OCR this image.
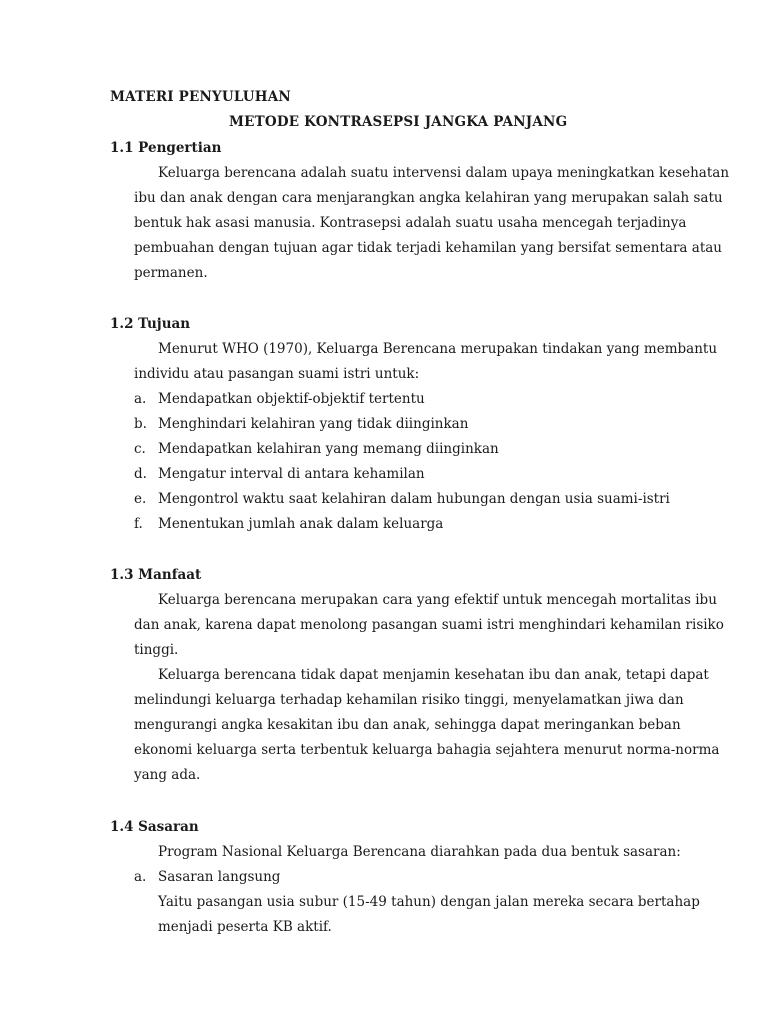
MATERI PENYULUHAN
METODE KONTRASEPSI JANGKA PANJANG
1.1 Pengertian
Keluarga berencana adalah suatu intervensi dalam upaya meningkatkan kesehatan
ibu dan anak dengan cara menjarangkan angka kelahiran yang merupakan salah satu
bentuk hak asasi manusia. Kontrasepsi adalah suatu usaha mencegah terjadinya
pembuahan dengan tujuan agar tidak terjadi kehamilan yang bersifat sementara atau
permanen.
1.2 Tujuan
Menurut WHO (1970), Keluarga Berencana merupakan tindakan yang membantu
individu atau pasangan suami istri untuk:
a. Mendapatkan objektif-objektif tertentu
b. Menghindari kelahiran yang tidak diinginkan
c. Mendapatkan kelahiran yang memang diinginkan
d. Mengatur interval di antara kehamilan
e. Mengontrol waktu saat kelahiran dalam hubungan dengan usia suami-istri
f. Menentukan jumlah anak dalam keluarga
1.3 Manfaat
Keluarga berencana merupakan cara yang efektif untuk mencegah mortalitas ibu
dan anak, karena dapat menolong pasangan suami istri menghindari kehamilan risiko
tinggi.
Keluarga berencana tidak dapat menjamin kesehatan ibu dan anak, tetapi dapat
melindungi keluarga terhadap kehamilan risiko tinggi, menyelamatkan jiwa dan
mengurangi angka kesakitan ibu dan anak, sehingga dapat meringankan beban
ekonomi keluarga serta terbentuk keluarga bahagia sejahtera menurut norma-norma
yang ada.
1.4 Sasaran
Program Nasional Keluarga Berencana diarahkan pada dua bentuk sasaran:
a. Sasaran langsung
Yaitu pasangan usia subur (15-49 tahun) dengan jalan mereka secara bertahap
menjadi peserta KB aktif.
